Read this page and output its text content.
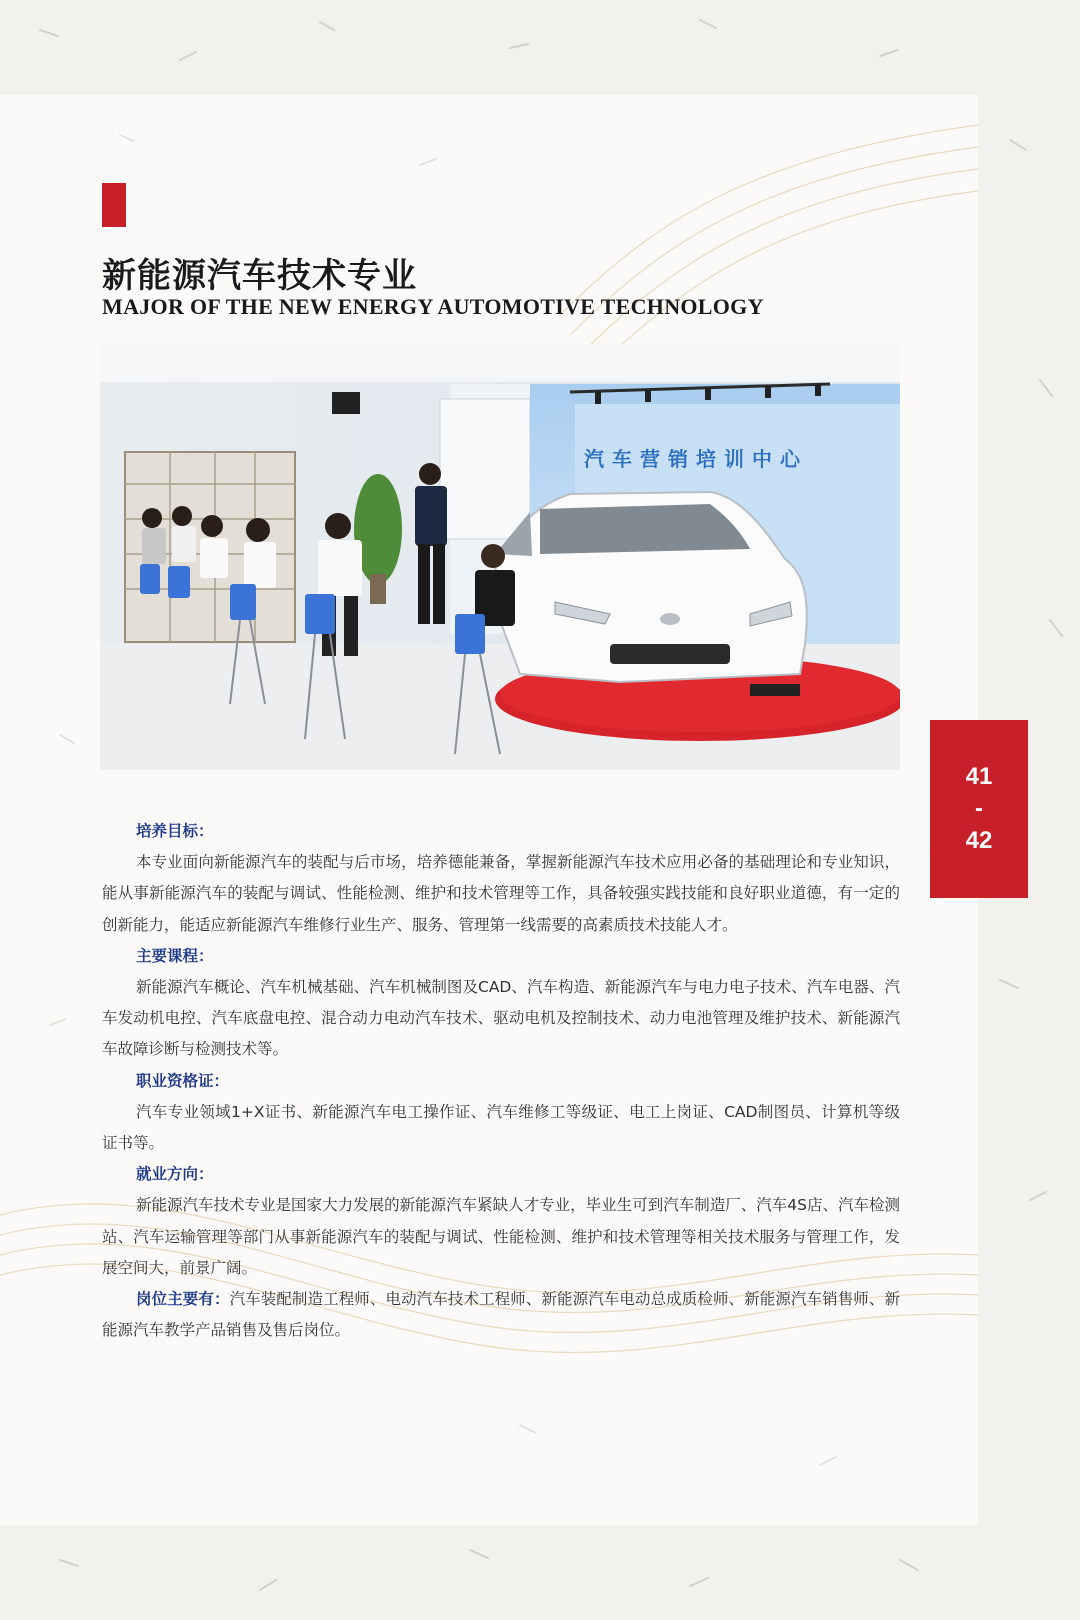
新能源汽车技术专业
MAJOR OF THE NEW ENERGY AUTOMOTIVE TECHNOLOGY
汽车营销培训中心
41
-
42
培养目标：

本专业面向新能源汽车的装配与后市场，培养德能兼备，掌握新能源汽车技术应用必备的基础理论和专业知识，能从事新能源汽车的装配与调试、性能检测、维护和技术管理等工作，具备较强实践技能和良好职业道德，有一定的创新能力，能适应新能源汽车维修行业生产、服务、管理第一线需要的高素质技术技能人才。

主要课程：

新能源汽车概论、汽车机械基础、汽车机械制图及CAD、汽车构造、新能源汽车与电力电子技术、汽车电器、汽车发动机电控、汽车底盘电控、混合动力电动汽车技术、驱动电机及控制技术、动力电池管理及维护技术、新能源汽车故障诊断与检测技术等。

职业资格证：

汽车专业领域1+X证书、新能源汽车电工操作证、汽车维修工等级证、电工上岗证、CAD制图员、计算机等级证书等。

就业方向：

新能源汽车技术专业是国家大力发展的新能源汽车紧缺人才专业，毕业生可到汽车制造厂、汽车4S店、汽车检测站、汽车运输管理等部门从事新能源汽车的装配与调试、性能检测、维护和技术管理等相关技术服务与管理工作，发展空间大，前景广阔。

岗位主要有：汽车装配制造工程师、电动汽车技术工程师、新能源汽车电动总成质检师、新能源汽车销售师、新能源汽车教学产品销售及售后岗位。
